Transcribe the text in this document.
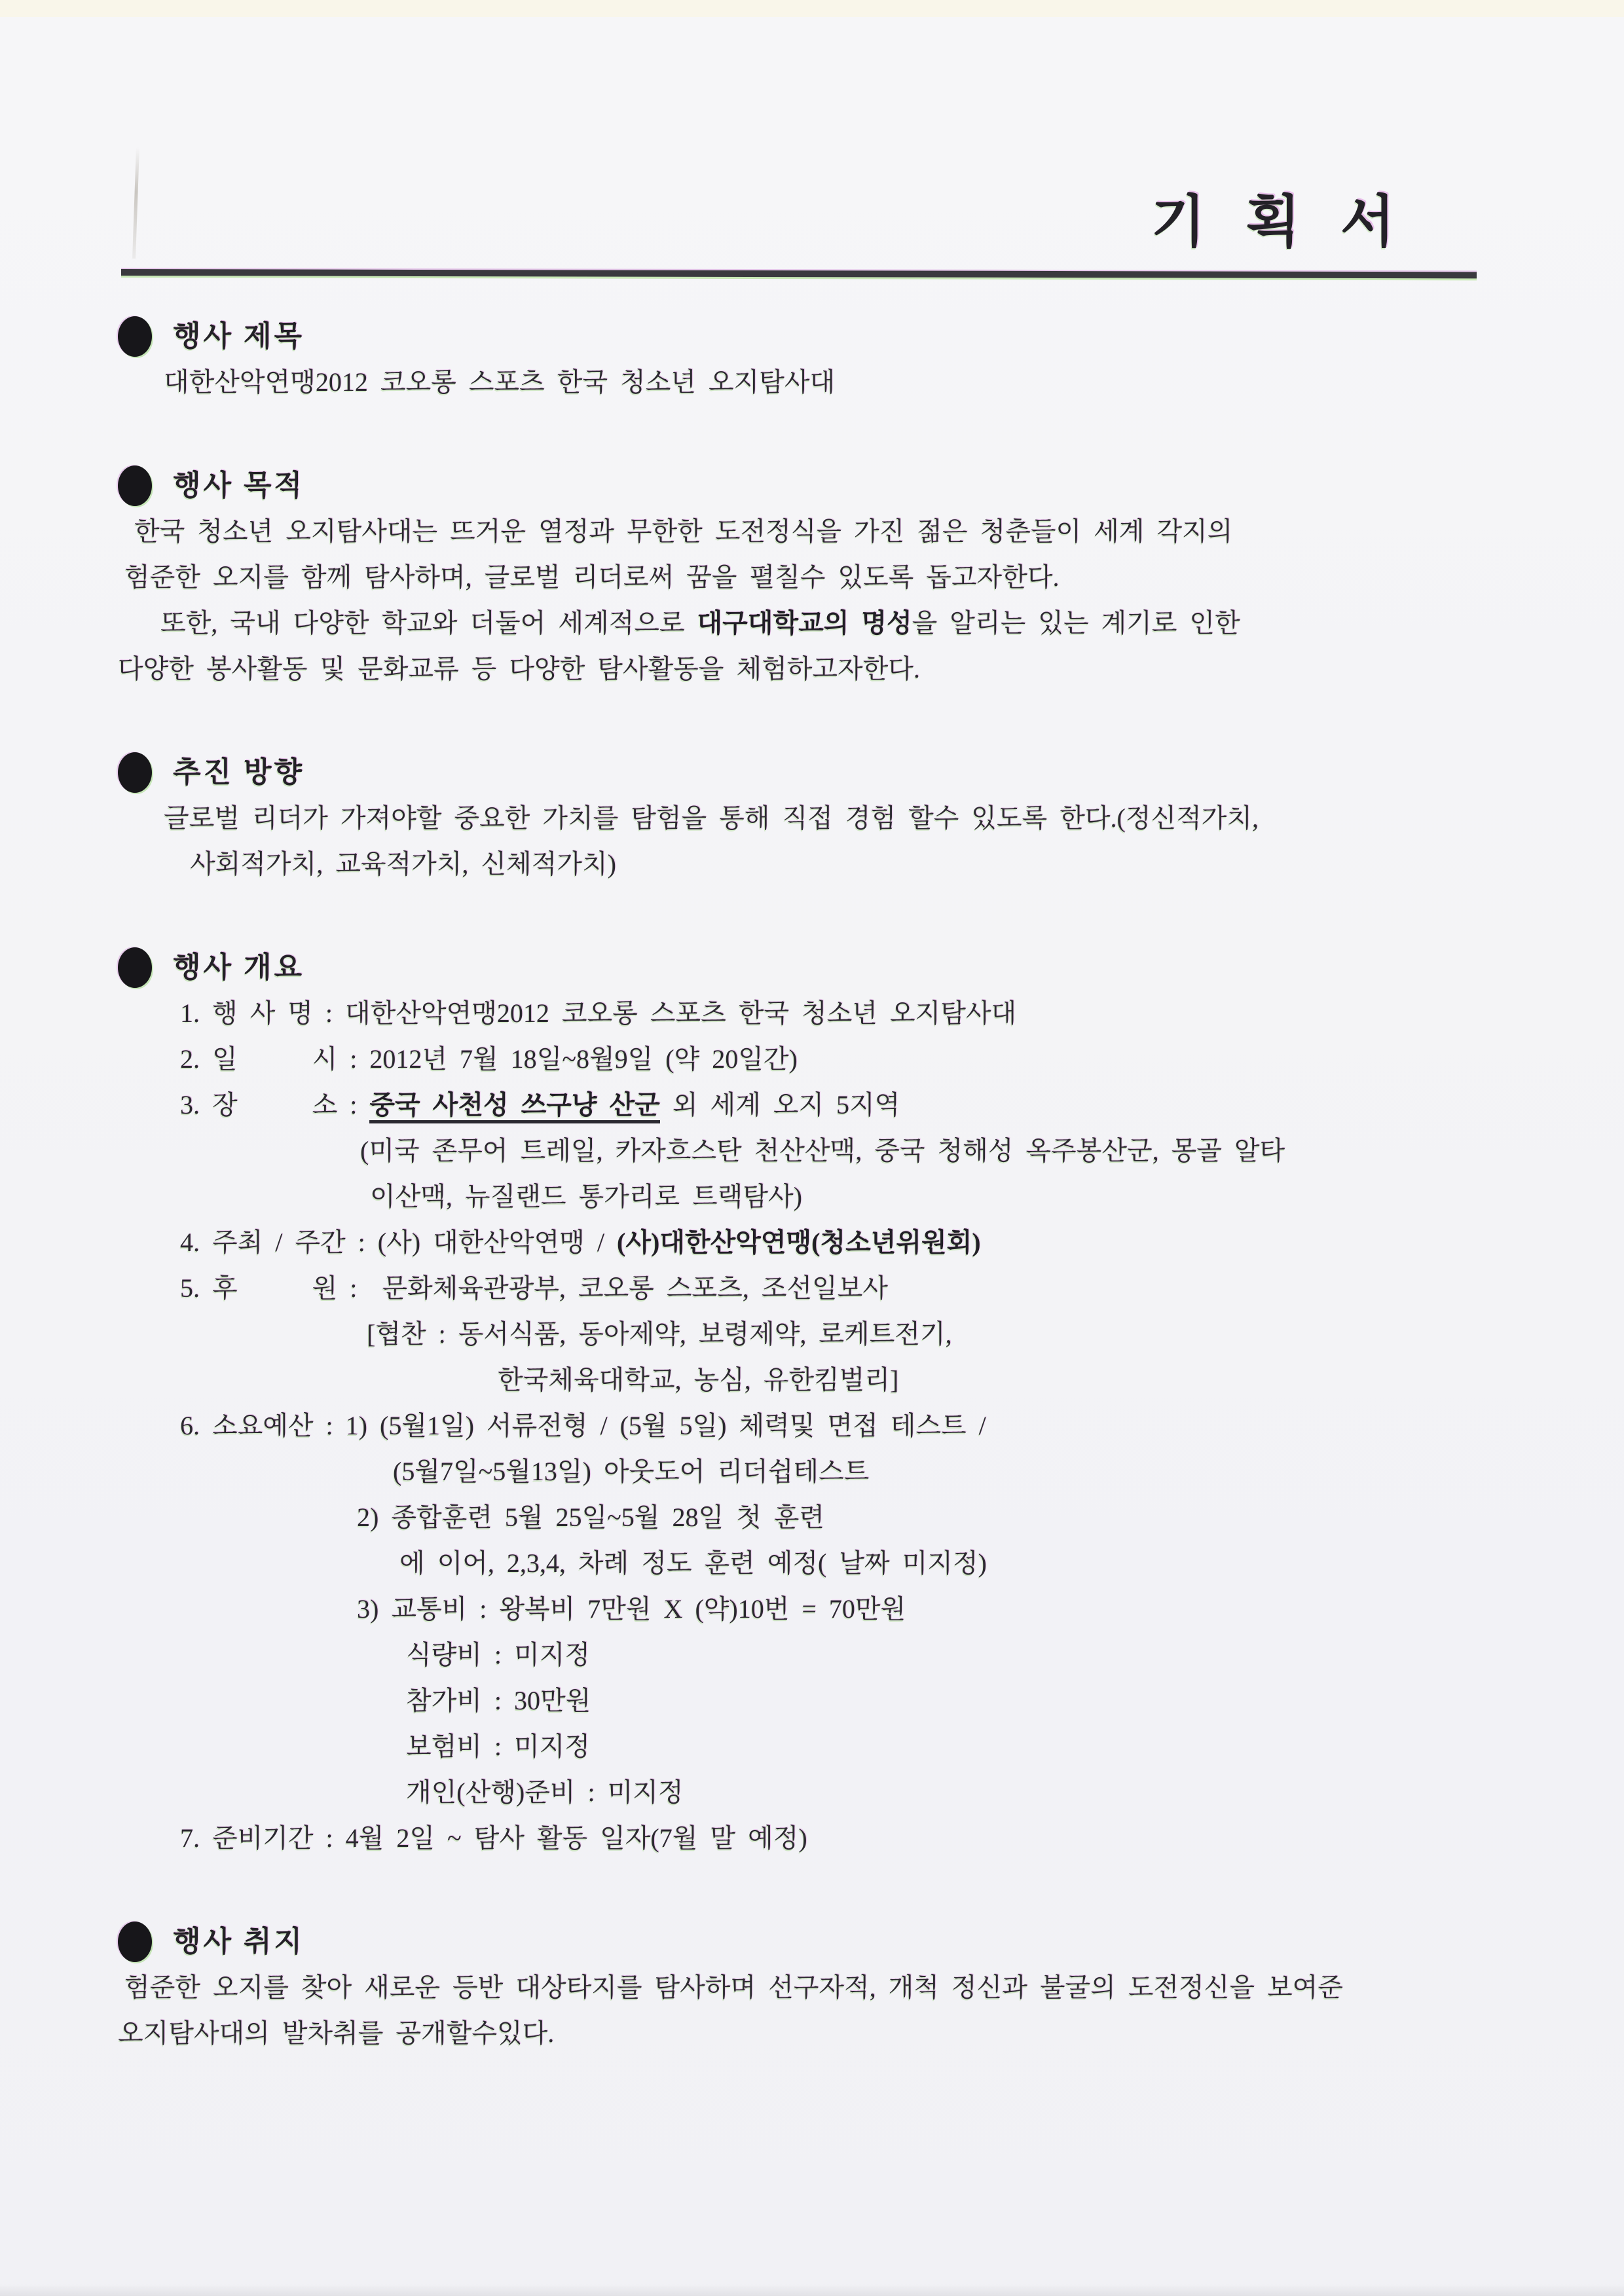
기 획 서
행사 제목
대한산악연맹2012 코오롱 스포츠 한국 청소년 오지탐사대
행사 목적
한국 청소년 오지탐사대는 뜨거운 열정과 무한한 도전정식을 가진 젊은 청춘들이 세계 각지의
험준한 오지를 함께 탐사하며, 글로벌 리더로써 꿈을 펼칠수 있도록 돕고자한다.
또한, 국내 다양한 학교와 더둘어 세계적으로 대구대학교의 명성을 알리는 있는 계기로 인한
다양한 봉사활동 및 문화교류 등 다양한 탐사활동을 체험하고자한다.
추진 방향
글로벌 리더가 가져야할 중요한 가치를 탐험을 통해 직접 경험 할수 있도록 한다.(정신적가치,
사회적가치, 교육적가치, 신체적가치)
행사 개요
1. 행 사 명 : 대한산악연맹2012 코오롱 스포츠 한국 청소년 오지탐사대
2. 일      시 : 2012년 7월 18일~8월9일 (약 20일간)
3. 장      소 : 중국 사천성 쓰구냥 산군 외 세계 오지 5지역
(미국 존무어 트레일, 카자흐스탄 천산산맥, 중국 청해성 옥주봉산군, 몽골 알타
이산맥, 뉴질랜드 통가리로 트랙탐사)
4. 주최 / 주간 : (사) 대한산악연맹 / (사)대한산악연맹(청소년위원회)
5. 후      원 :  문화체육관광부, 코오롱 스포츠, 조선일보사
[협찬 : 동서식품, 동아제약, 보령제약, 로케트전기,
한국체육대학교, 농심, 유한킴벌리]
6. 소요예산 : 1) (5월1일) 서류전형 / (5월 5일) 체력및 면접 테스트 /
(5월7일~5월13일) 아웃도어 리더쉽테스트
2) 종합훈련 5월 25일~5월 28일 첫 훈련
에 이어, 2,3,4, 차례 정도 훈련 예정( 날짜 미지정)
3) 교통비 : 왕복비 7만원 X (약)10번 = 70만원
식량비 : 미지정
참가비 : 30만원
보험비 : 미지정
개인(산행)준비 : 미지정
7. 준비기간 : 4월 2일 ~ 탐사 활동 일자(7월 말 예정)
행사 취지
험준한 오지를 찾아 새로운 등반 대상타지를 탐사하며 선구자적, 개척 정신과 불굴의 도전정신을 보여준
오지탐사대의 발차취를 공개할수있다.
